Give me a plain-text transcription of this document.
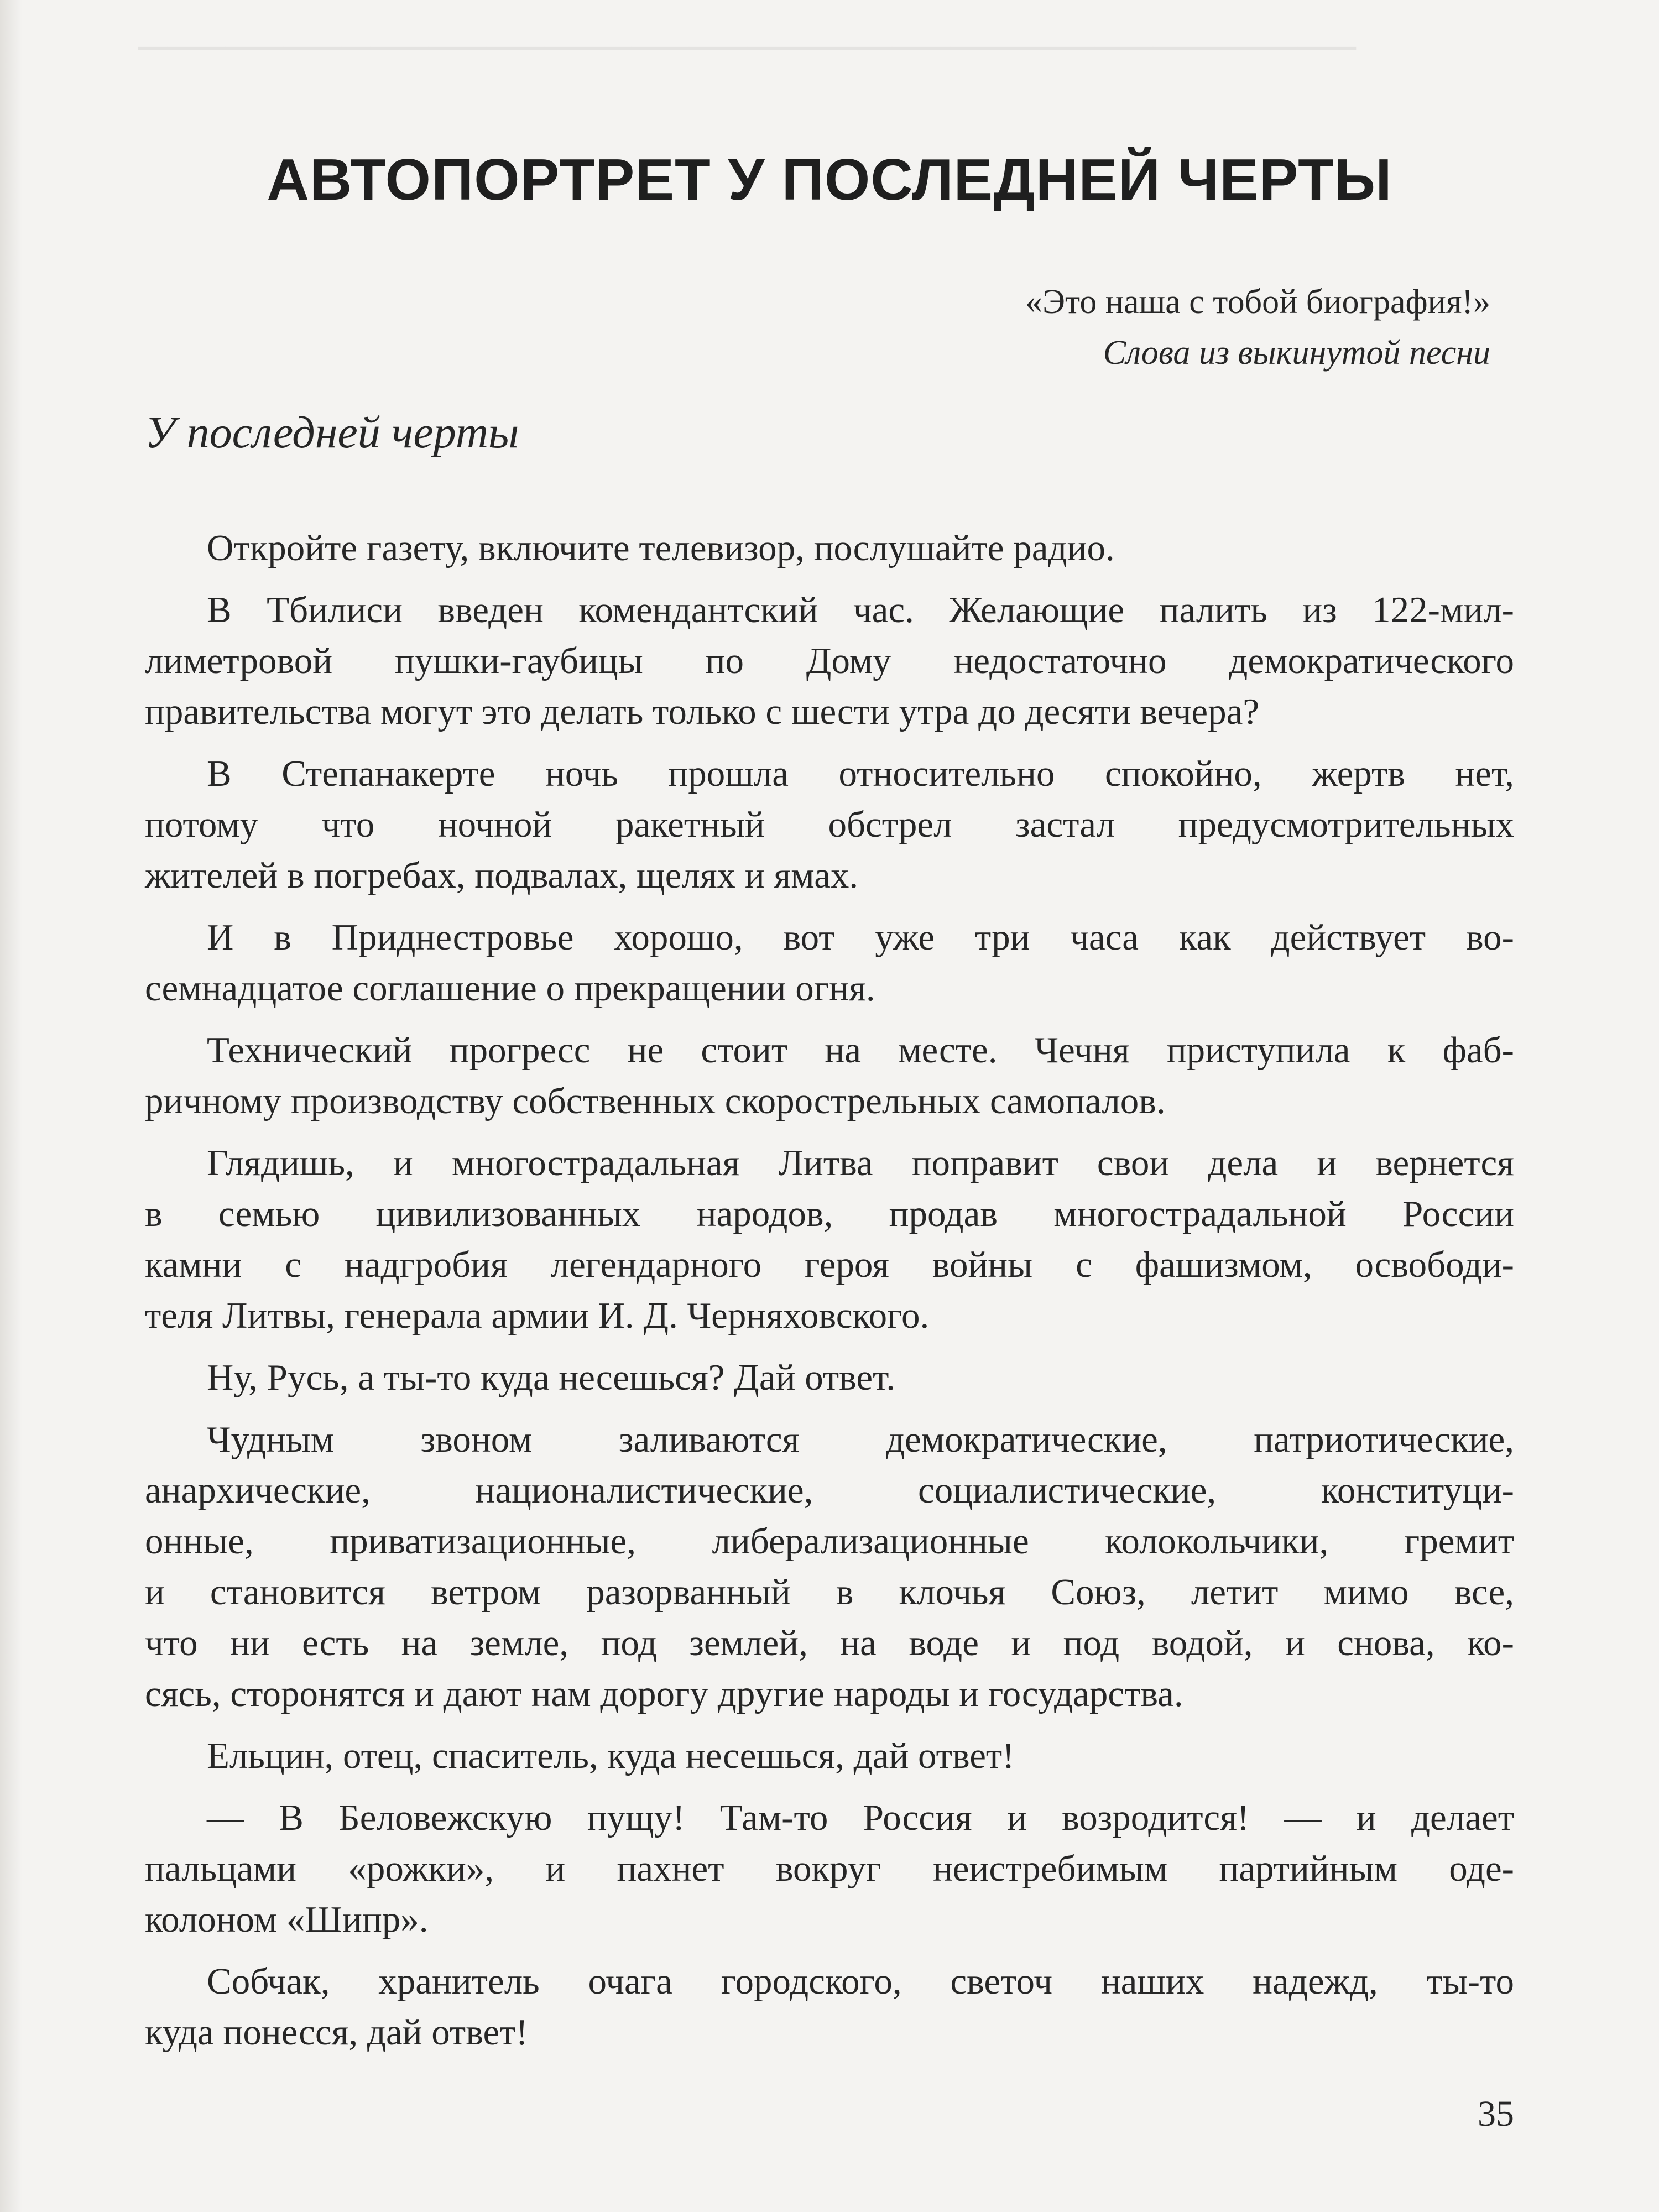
──────────────────────────────────────────
АВТОПОРТРЕТ У ПОСЛЕДНЕЙ ЧЕРТЫ
«Это наша с тобой биография!»
Слова из выкинутой песни
У последней черты
Откройте газету, включите телевизор, послушайте радио.
В Тбилиси введен комендантский час. Желающие палить из 122-мил-
лиметровой пушки-гаубицы по Дому недостаточно демократического
правительства могут это делать только с шести утра до десяти вечера?
В Степанакерте ночь прошла относительно спокойно, жертв нет,
потому что ночной ракетный обстрел застал предусмотрительных
жителей в погребах, подвалах, щелях и ямах.
И в Приднестровье хорошо, вот уже три часа как действует во-
семнадцатое соглашение о прекращении огня.
Технический прогресс не стоит на месте. Чечня приступила к фаб-
ричному производству собственных скорострельных самопалов.
Глядишь, и многострадальная Литва поправит свои дела и вернется
в семью цивилизованных народов, продав многострадальной России
камни с надгробия легендарного героя войны с фашизмом, освободи-
теля Литвы, генерала армии И. Д. Черняховского.
Ну, Русь, а ты-то куда несешься? Дай ответ.
Чудным звоном заливаются демократические, патриотические,
анархические, националистические, социалистические, конституци-
онные, приватизационные, либерализационные колокольчики, гремит
и становится ветром разорванный в клочья Союз, летит мимо все,
что ни есть на земле, под землей, на воде и под водой, и снова, ко-
сясь, сторонятся и дают нам дорогу другие народы и государства.
Ельцин, отец, спаситель, куда несешься, дай ответ!
— В Беловежскую пущу! Там-то Россия и возродится! — и делает
пальцами «рожки», и пахнет вокруг неистребимым партийным оде-
колоном «Шипр».
Собчак, хранитель очага городского, светоч наших надежд, ты-то
куда понесся, дай ответ!
35
